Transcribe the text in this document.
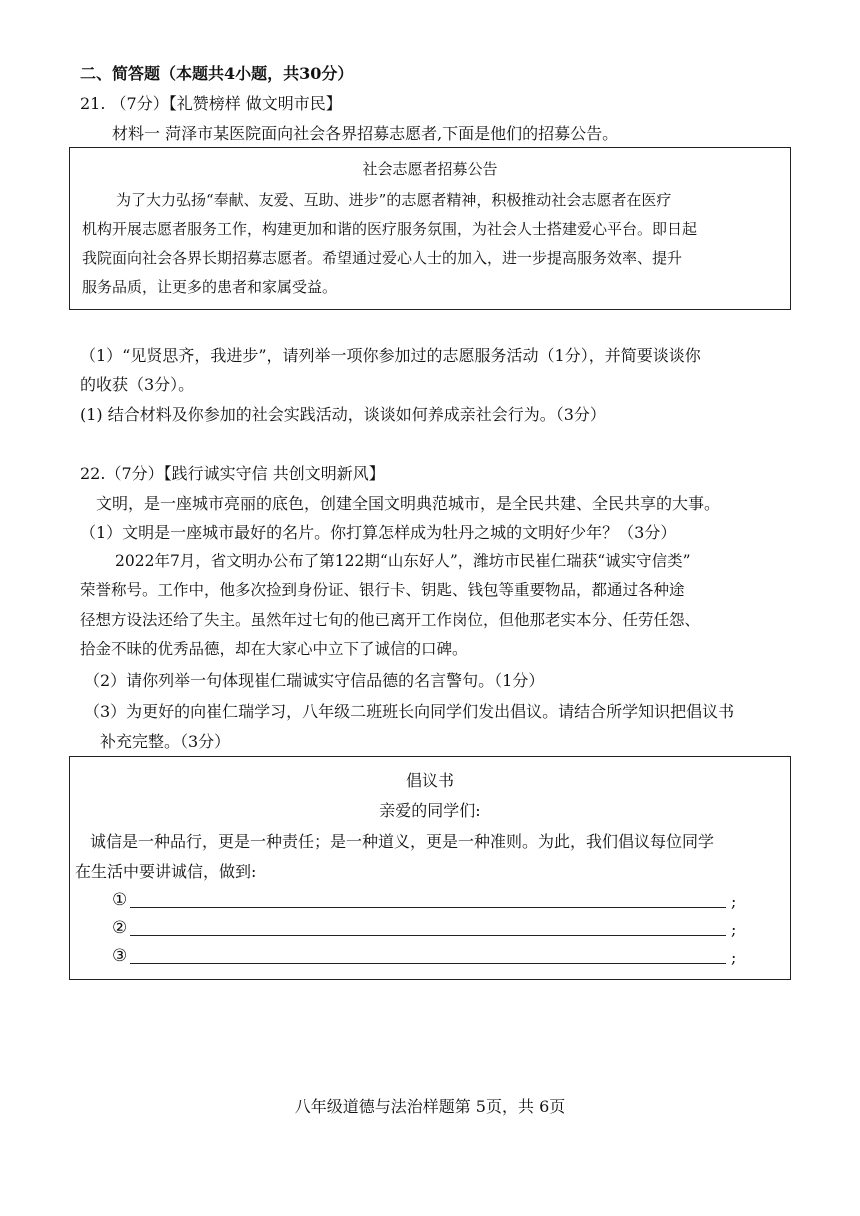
二、简答题（本题共4小题，共30分）
21. （7分）【礼赞榜样 做文明市民】
材料一 菏泽市某医院面向社会各界招募志愿者,下面是他们的招募公告。
社会志愿者招募公告
为了大力弘扬“奉献、友爱、互助、进步”的志愿者精神，积极推动社会志愿者在医疗
机构开展志愿者服务工作，构建更加和谐的医疗服务氛围，为社会人士搭建爱心平台。即日起
我院面向社会各界长期招募志愿者。希望通过爱心人士的加入，进一步提高服务效率、提升
服务品质，让更多的患者和家属受益。
（1）“见贤思齐，我进步”，请列举一项你参加过的志愿服务活动（1分），并简要谈谈你
的收获（3分）。
(1) 结合材料及你参加的社会实践活动，谈谈如何养成亲社会行为。（3分）
22.（7分）【践行诚实守信 共创文明新风】
文明，是一座城市亮丽的底色，创建全国文明典范城市，是全民共建、全民共享的大事。
（1）文明是一座城市最好的名片。你打算怎样成为牡丹之城的文明好少年？（3分）
2022年7月，省文明办公布了第122期“山东好人”，潍坊市民崔仁瑞获“诚实守信类”
荣誉称号。工作中，他多次捡到身份证、银行卡、钥匙、钱包等重要物品，都通过各种途
径想方设法还给了失主。虽然年过七旬的他已离开工作岗位，但他那老实本分、任劳任怨、
拾金不昧的优秀品德，却在大家心中立下了诚信的口碑。
（2）请你列举一句体现崔仁瑞诚实守信品德的名言警句。（1分）
（3）为更好的向崔仁瑞学习，八年级二班班长向同学们发出倡议。请结合所学知识把倡议书
补充完整。（3分）
倡议书
亲爱的同学们:
诚信是一种品行，更是一种责任；是一种道义，更是一种准则。为此，我们倡议每位同学
在生活中要讲诚信，做到:
①	;
②	;
③	;
八年级道德与法治样题第 5页，共 6页
